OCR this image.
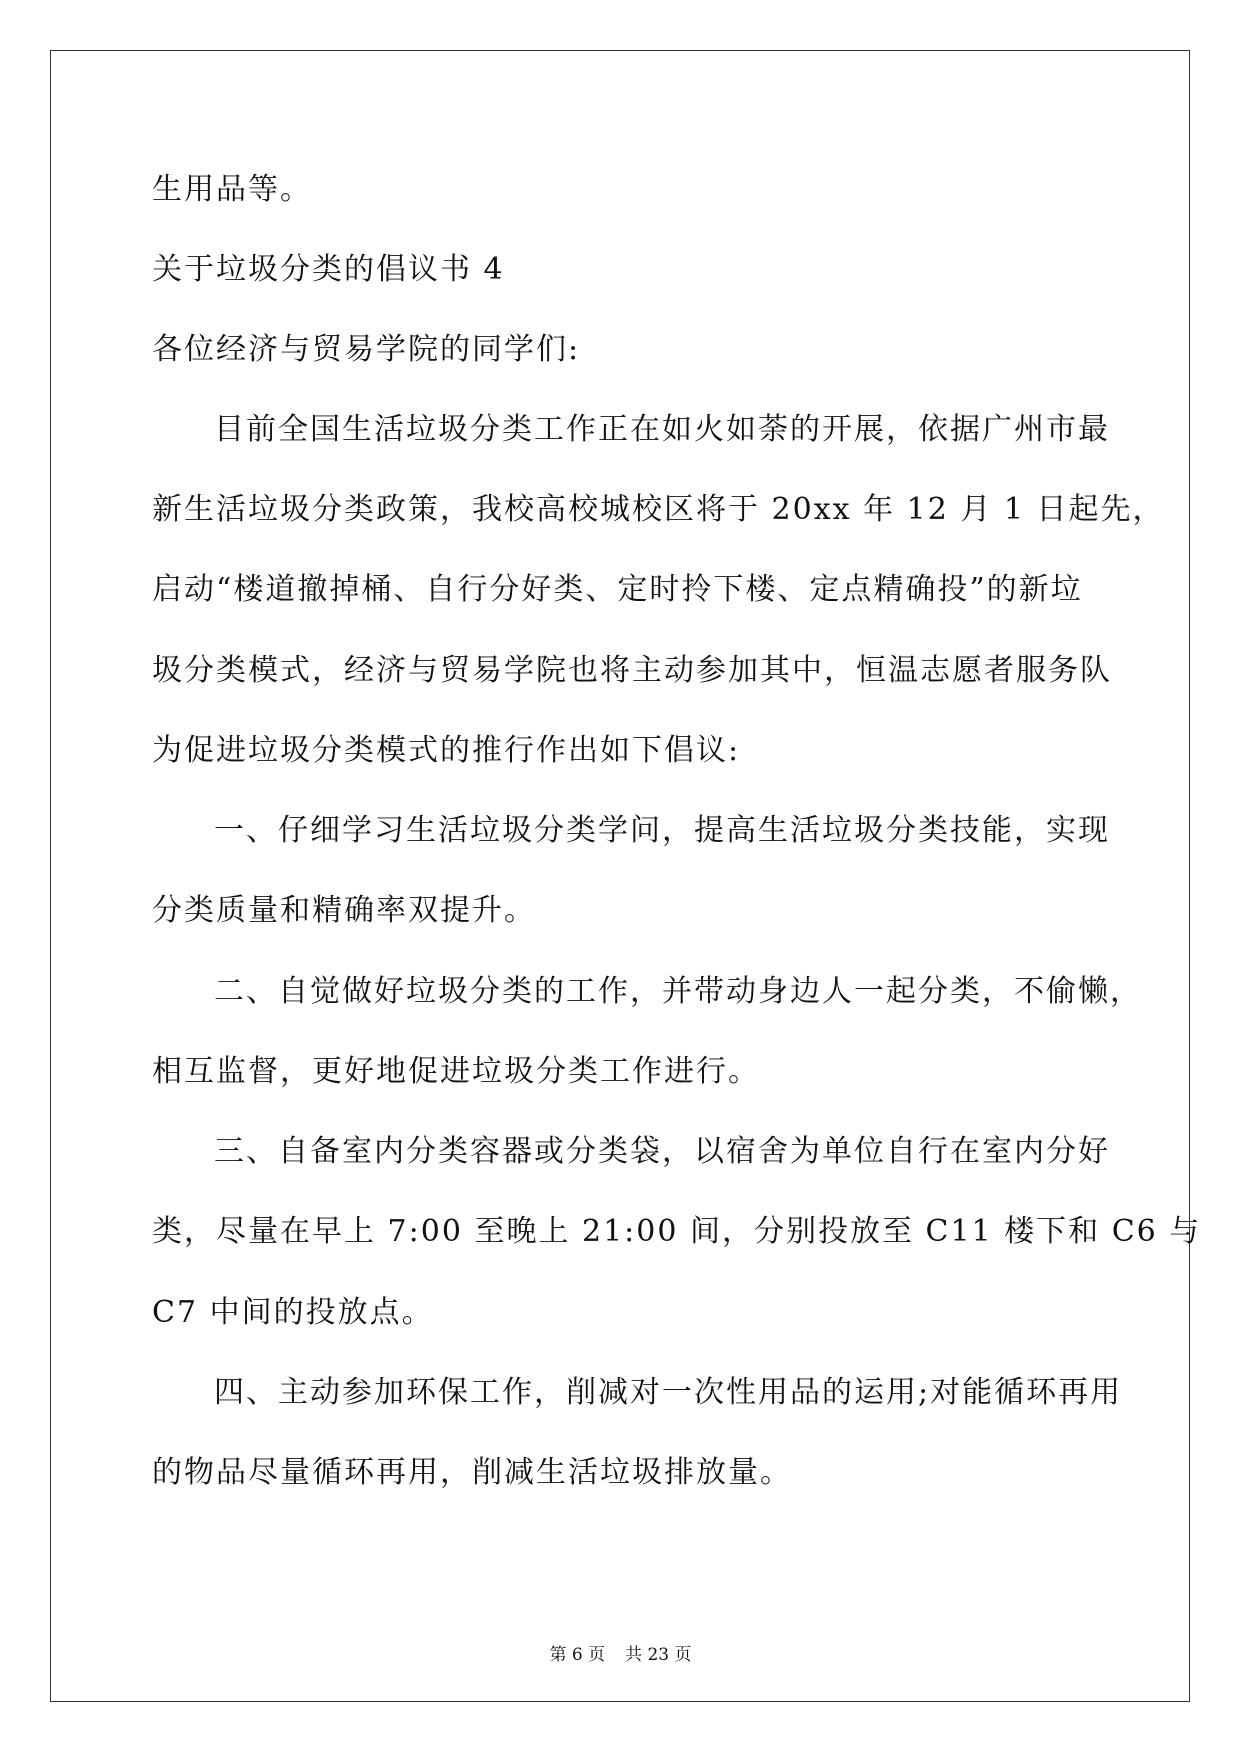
生用品等。

关于垃圾分类的倡议书 4

各位经济与贸易学院的同学们:

目前全国生活垃圾分类工作正在如火如荼的开展，依据广州市最

新生活垃圾分类政策，我校高校城校区将于 20xx 年 12 月 1 日起先，

启动“楼道撤掉桶、自行分好类、定时拎下楼、定点精确投”的新垃

圾分类模式，经济与贸易学院也将主动参加其中，恒温志愿者服务队

为促进垃圾分类模式的推行作出如下倡议:

一、仔细学习生活垃圾分类学问，提高生活垃圾分类技能，实现

分类质量和精确率双提升。

二、自觉做好垃圾分类的工作，并带动身边人一起分类，不偷懒，

相互监督，更好地促进垃圾分类工作进行。

三、自备室内分类容器或分类袋，以宿舍为单位自行在室内分好

类，尽量在早上 7:00 至晚上 21:00 间，分别投放至 C11 楼下和 C6 与

C7 中间的投放点。

四、主动参加环保工作，削减对一次性用品的运用;对能循环再用

的物品尽量循环再用，削减生活垃圾排放量。

第 6 页 共 23 页
